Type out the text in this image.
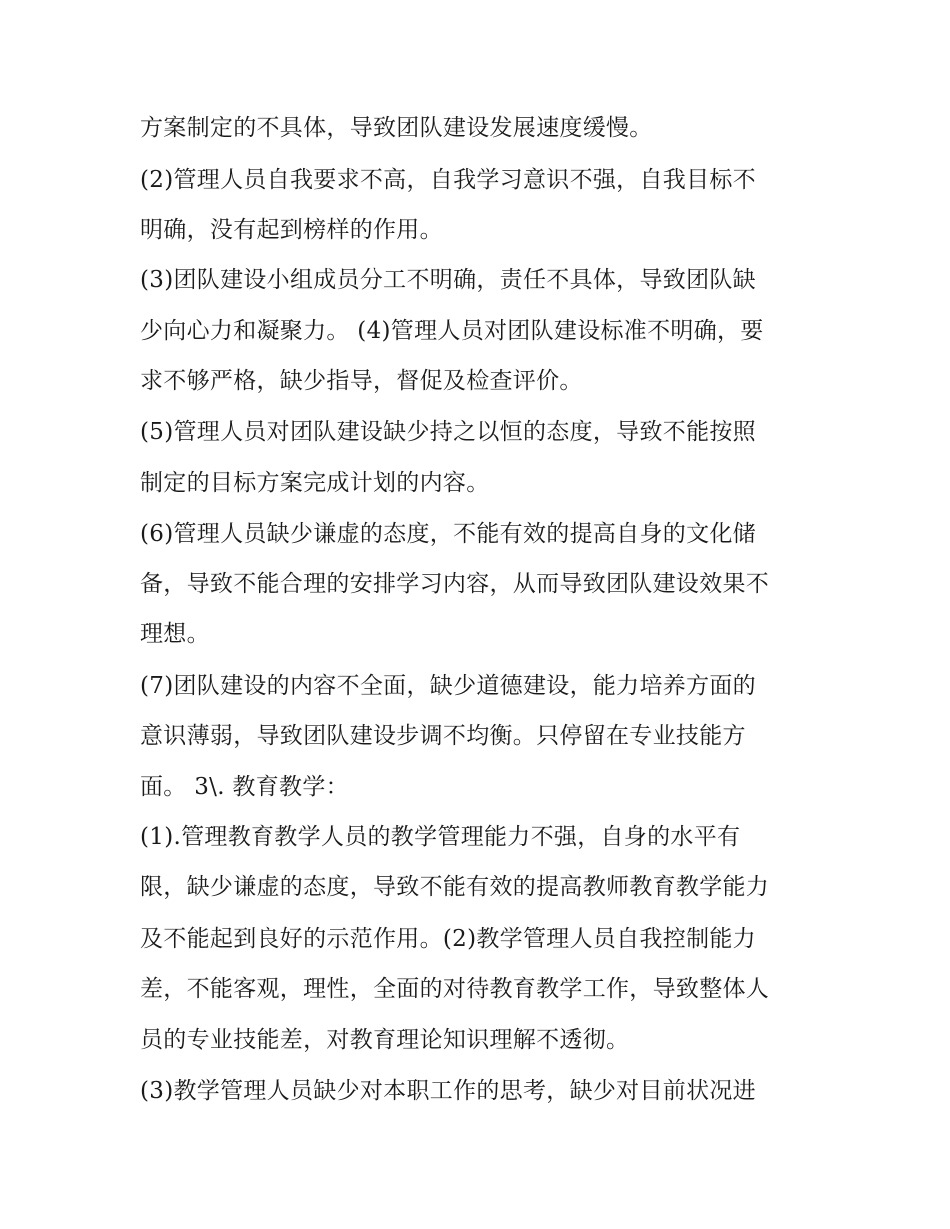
方案制定的不具体，导致团队建设发展速度缓慢。
(2)管理人员自我要求不高，自我学习意识不强，自我目标不
明确，没有起到榜样的作用。
(3)团队建设小组成员分工不明确，责任不具体，导致团队缺
少向心力和凝聚力。 (4)管理人员对团队建设标准不明确，要
求不够严格，缺少指导，督促及检查评价。
(5)管理人员对团队建设缺少持之以恒的态度，导致不能按照
制定的目标方案完成计划的内容。
(6)管理人员缺少谦虚的态度，不能有效的提高自身的文化储
备，导致不能合理的安排学习内容，从而导致团队建设效果不
理想。
(7)团队建设的内容不全面，缺少道德建设，能力培养方面的
意识薄弱，导致团队建设步调不均衡。只停留在专业技能方
面。 3\. 教育教学：
(1).管理教育教学人员的教学管理能力不强，自身的水平有
限，缺少谦虚的态度，导致不能有效的提高教师教育教学能力
及不能起到良好的示范作用。(2)教学管理人员自我控制能力
差，不能客观，理性，全面的对待教育教学工作，导致整体人
员的专业技能差，对教育理论知识理解不透彻。
(3)教学管理人员缺少对本职工作的思考，缺少对目前状况进
